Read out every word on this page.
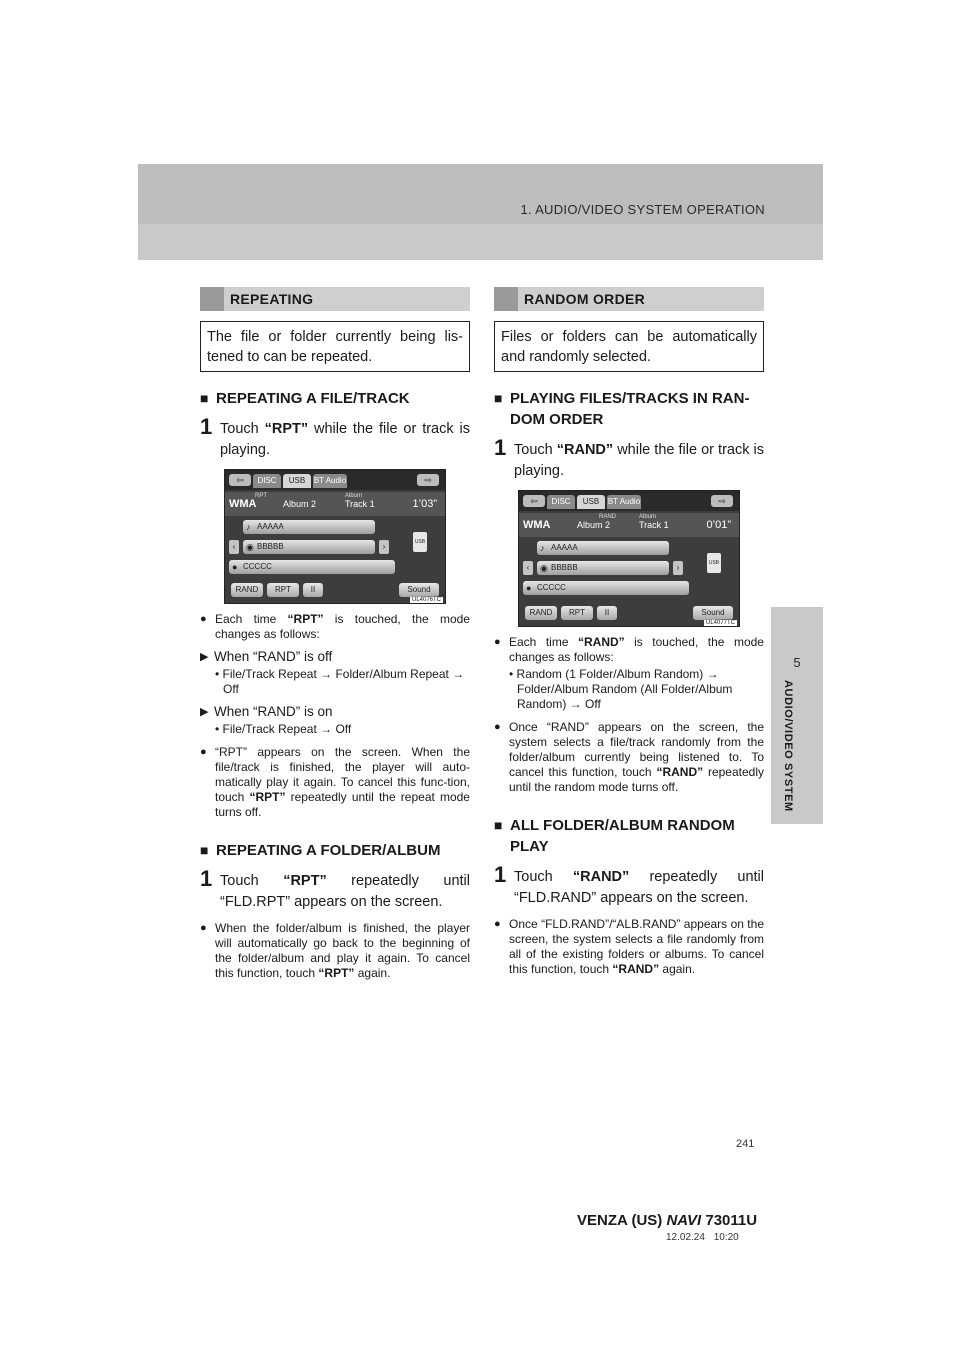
1. AUDIO/VIDEO SYSTEM OPERATION
5
AUDIO/VIDEO SYSTEM
REPEATING
The file or folder currently being lis-tened to can be repeated.
■ REPEATING A FILE/TRACK
1 Touch “RPT” while the file or track is playing.
⇦	DISC	USB	BT Audio	⇨
RPT	Album
WMA	Album 2	Track 1	1’03”
♪ AAAAA
‹	◉ BBBBB	›
● CCCCC
USB
RAND	RPT	II	Sound
UL4076TC
● Each time “RPT” is touched, the mode changes as follows:
▶ When “RAND” is off
• File/Track Repeat → Folder/Album Repeat → Off
▶ When “RAND” is on
• File/Track Repeat → Off
● “RPT” appears on the screen. When the file/track is finished, the player will auto-matically play it again. To cancel this func-tion, touch “RPT” repeatedly until the repeat mode turns off.
■ REPEATING A FOLDER/ALBUM
1 Touch “RPT” repeatedly until “FLD.RPT” appears on the screen.
● When the folder/album is finished, the player will automatically go back to the beginning of the folder/album and play it again. To cancel this function, touch “RPT” again.
RANDOM ORDER
Files or folders can be automatically and randomly selected.
■ PLAYING FILES/TRACKS IN RAN-DOM ORDER
1 Touch “RAND” while the file or track is playing.
⇦	DISC	USB	BT Audio	⇨
RAND	Album
WMA	Album 2	Track 1	0’01”
♪ AAAAA
‹	◉ BBBBB	›
● CCCCC
USB
RAND	RPT	II	Sound
UL4077TC
● Each time “RAND” is touched, the mode changes as follows:
• Random (1 Folder/Album Random) → Folder/Album Random (All Folder/Album Random) → Off
● Once “RAND” appears on the screen, the system selects a file/track randomly from the folder/album currently being listened to. To cancel this function, touch “RAND” repeatedly until the random mode turns off.
■ ALL FOLDER/ALBUM RANDOM PLAY
1 Touch “RAND” repeatedly until “FLD.RAND” appears on the screen.
● Once “FLD.RAND”/“ALB.RAND” appears on the screen, the system selects a file randomly from all of the existing folders or albums. To cancel this function, touch “RAND” again.
241
VENZA (US) NAVI 73011U
12.02.24 10:20
